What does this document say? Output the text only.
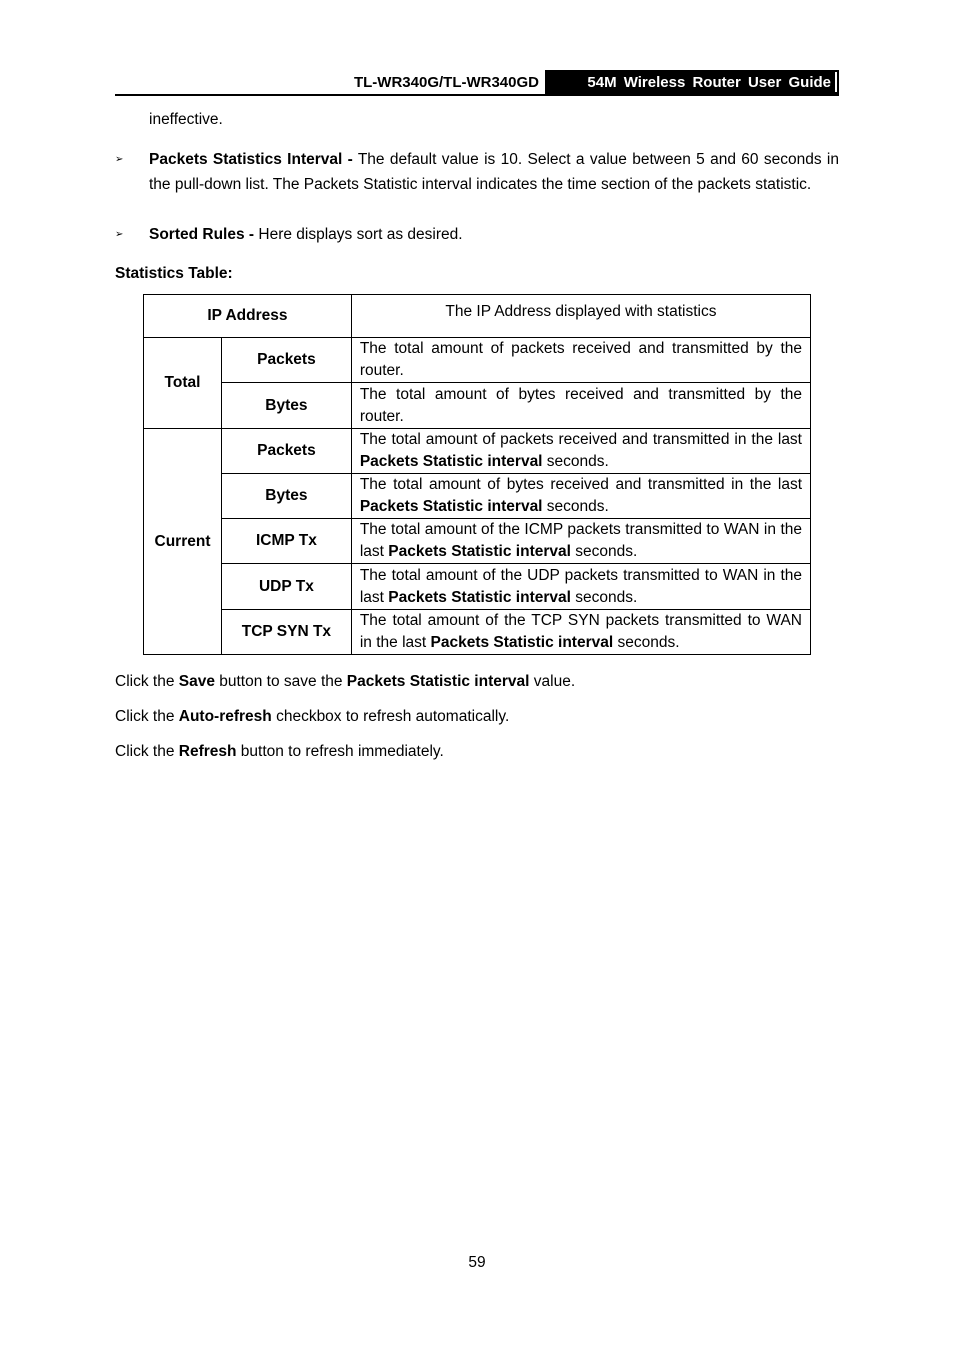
TL-WR340G/TL-WR340GD	54M Wireless Router User Guide
ineffective.
➢ Packets Statistics Interval - The default value is 10. Select a value between 5 and 60 seconds in the pull-down list. The Packets Statistic interval indicates the time section of the packets statistic.
➢ Sorted Rules - Here displays sort as desired.
Statistics Table:
IP Address		The IP Address displayed with statistics
Total	Packets	The total amount of packets received and transmitted by the router.
	Bytes	The total amount of bytes received and transmitted by the router.
Current	Packets	The total amount of packets received and transmitted in the last Packets Statistic interval seconds.
	Bytes	The total amount of bytes received and transmitted in the last Packets Statistic interval seconds.
	ICMP Tx	The total amount of the ICMP packets transmitted to WAN in the last Packets Statistic interval seconds.
	UDP Tx	The total amount of the UDP packets transmitted to WAN in the last Packets Statistic interval seconds.
	TCP SYN Tx	The total amount of the TCP SYN packets transmitted to WAN in the last Packets Statistic interval seconds.
Click the Save button to save the Packets Statistic interval value.
Click the Auto-refresh checkbox to refresh automatically.
Click the Refresh button to refresh immediately.
59
